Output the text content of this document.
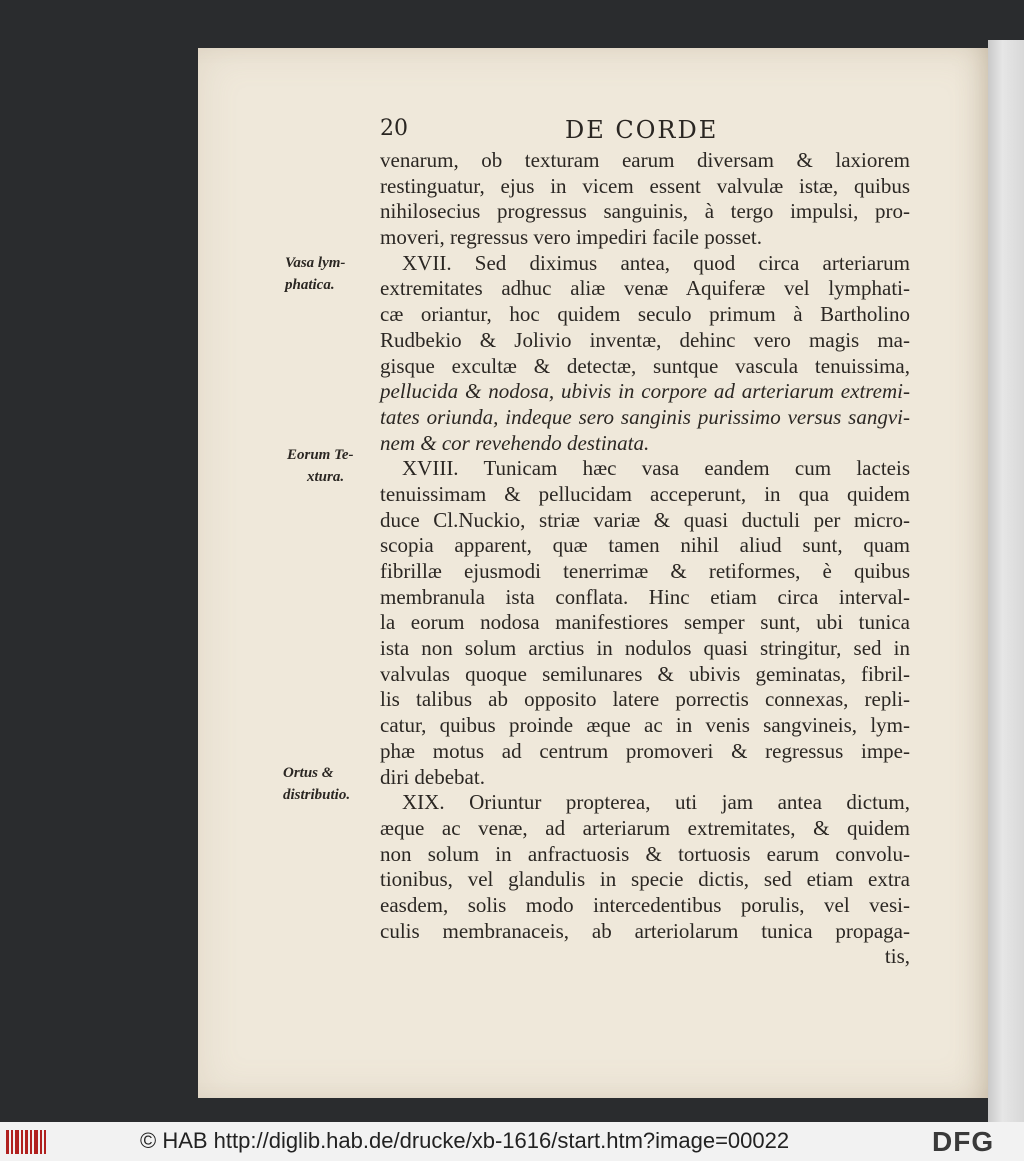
20	DE CORDE
Vasa lym-
phatica.
Eorum Te-
xtura.
Ortus &
distributio.
venarum, ob texturam earum diversam & laxiorem
restinguatur, ejus in vicem essent valvulæ istæ, quibus
nihilosecius progressus sanguinis, à tergo impulsi, pro-
moveri, regressus vero impediri facile posset.
XVII. Sed diximus antea, quod circa arteriarum
extremitates adhuc aliæ venæ Aquiferæ vel lymphati-
cæ oriantur, hoc quidem seculo primum à Bartholino
Rudbekio & Jolivio inventæ, dehinc vero magis ma-
gisque excultæ & detectæ, suntque vascula tenuissima,
pellucida & nodosa, ubivis in corpore ad arteriarum extremi-
tates oriunda, indeque sero sanginis purissimo versus sangvi-
nem & cor revehendo destinata.
XVIII. Tunicam hæc vasa eandem cum lacteis
tenuissimam & pellucidam acceperunt, in qua quidem
duce Cl.Nuckio, striæ variæ & quasi ductuli per micro-
scopia apparent, quæ tamen nihil aliud sunt, quam
fibrillæ ejusmodi tenerrimæ & retiformes, è quibus
membranula ista conflata. Hinc etiam circa interval-
la eorum nodosa manifestiores semper sunt, ubi tunica
ista non solum arctius in nodulos quasi stringitur, sed in
valvulas quoque semilunares & ubivis geminatas, fibril-
lis talibus ab opposito latere porrectis connexas, repli-
catur, quibus proinde æque ac in venis sangvineis, lym-
phæ motus ad centrum promoveri & regressus impe-
diri debebat.
XIX. Oriuntur propterea, uti jam antea dictum,
æque ac venæ, ad arteriarum extremitates, & quidem
non solum in anfractuosis & tortuosis earum convolu-
tionibus, vel glandulis in specie dictis, sed etiam extra
easdem, solis modo intercedentibus porulis, vel vesi-
culis membranaceis, ab arteriolarum tunica propaga-
tis,
© HAB http://diglib.hab.de/drucke/xb-1616/start.htm?image=00022	DFG
